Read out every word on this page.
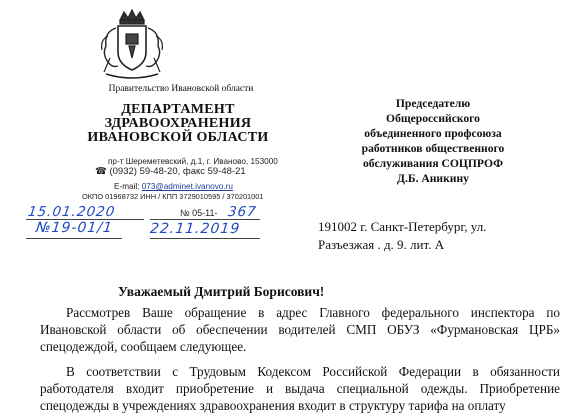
Правительство Ивановской области
ДЕПАРТАМЕНТ
ЗДРАВООХРАНЕНИЯ
ИВАНОВСКОЙ ОБЛАСТИ
пр-т Шереметевский, д.1, г. Иваново, 153000
☎ (0932) 59-48-20, факс 59-48-21
E-mail: 073@adminet.ivanovo.ru
ОКПО 01968732 ИНН / КПП 3729010595 / 370201001
15.01.2020	№ 05-11- 367
№19-01/1	22.11.2019
Председателю
Общероссийского
объединенного профсоюза
работников общественного
обслуживания СОЦПРОФ
Д.Б. Аникину
191002 г. Санкт-Петербург, ул.
Разъезжая . д. 9. лит. А
Уважаемый Дмитрий Борисович!
Рассмотрев Ваше обращение в адрес Главного федерального инспектора по Ивановской области об обеспечении водителей СМП ОБУЗ «Фурмановская ЦРБ» спецодеждой, сообщаем следующее.
В соответствии с Трудовым Кодексом Российской Федерации в обязанности работодателя входит приобретение и выдача специальной одежды. Приобретение спецодежды в учреждениях здравоохранения входит в структуру тарифа на оплату
